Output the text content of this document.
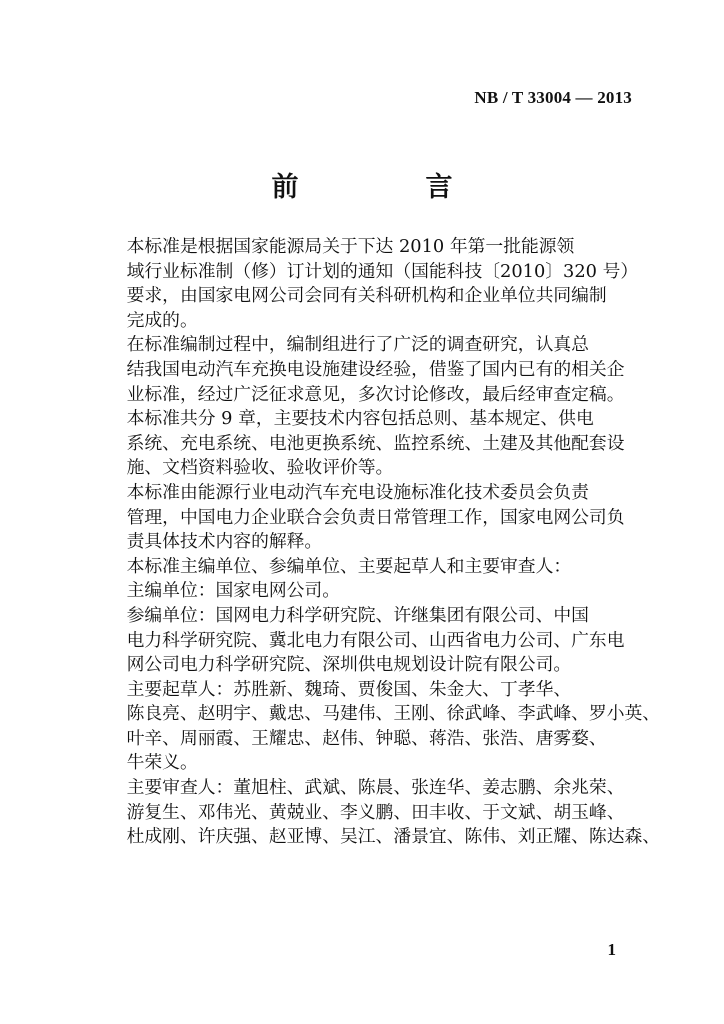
NB / T 33004 — 2013
前　言

本标准是根据国家能源局关于下达 2010 年第一批能源领
域行业标准制（修）订计划的通知（国能科技〔2010〕320 号）
要求，由国家电网公司会同有关科研机构和企业单位共同编制
完成的。

在标准编制过程中，编制组进行了广泛的调查研究，认真总
结我国电动汽车充换电设施建设经验，借鉴了国内已有的相关企
业标准，经过广泛征求意见，多次讨论修改，最后经审查定稿。

本标准共分 9 章，主要技术内容包括总则、基本规定、供电
系统、充电系统、电池更换系统、监控系统、土建及其他配套设
施、文档资料验收、验收评价等。

本标准由能源行业电动汽车充电设施标准化技术委员会负责
管理，中国电力企业联合会负责日常管理工作，国家电网公司负
责具体技术内容的解释。

本标准主编单位、参编单位、主要起草人和主要审查人：

主编单位：国家电网公司。

参编单位：国网电力科学研究院、许继集团有限公司、中国
电力科学研究院、冀北电力有限公司、山西省电力公司、广东电
网公司电力科学研究院、深圳供电规划设计院有限公司。

主要起草人：苏胜新、魏琦、贾俊国、朱金大、丁孝华、
陈良亮、赵明宇、戴忠、马建伟、王刚、徐武峰、李武峰、罗小英、
叶辛、周丽霞、王耀忠、赵伟、钟聪、蒋浩、张浩、唐雾婺、
牛荣义。

主要审查人：董旭柱、武斌、陈晨、张连华、姜志鹏、余兆荣、
游复生、邓伟光、黄兢业、李义鹏、田丰收、于文斌、胡玉峰、
杜成刚、许庆强、赵亚博、吴江、潘景宜、陈伟、刘正耀、陈达森、

1
